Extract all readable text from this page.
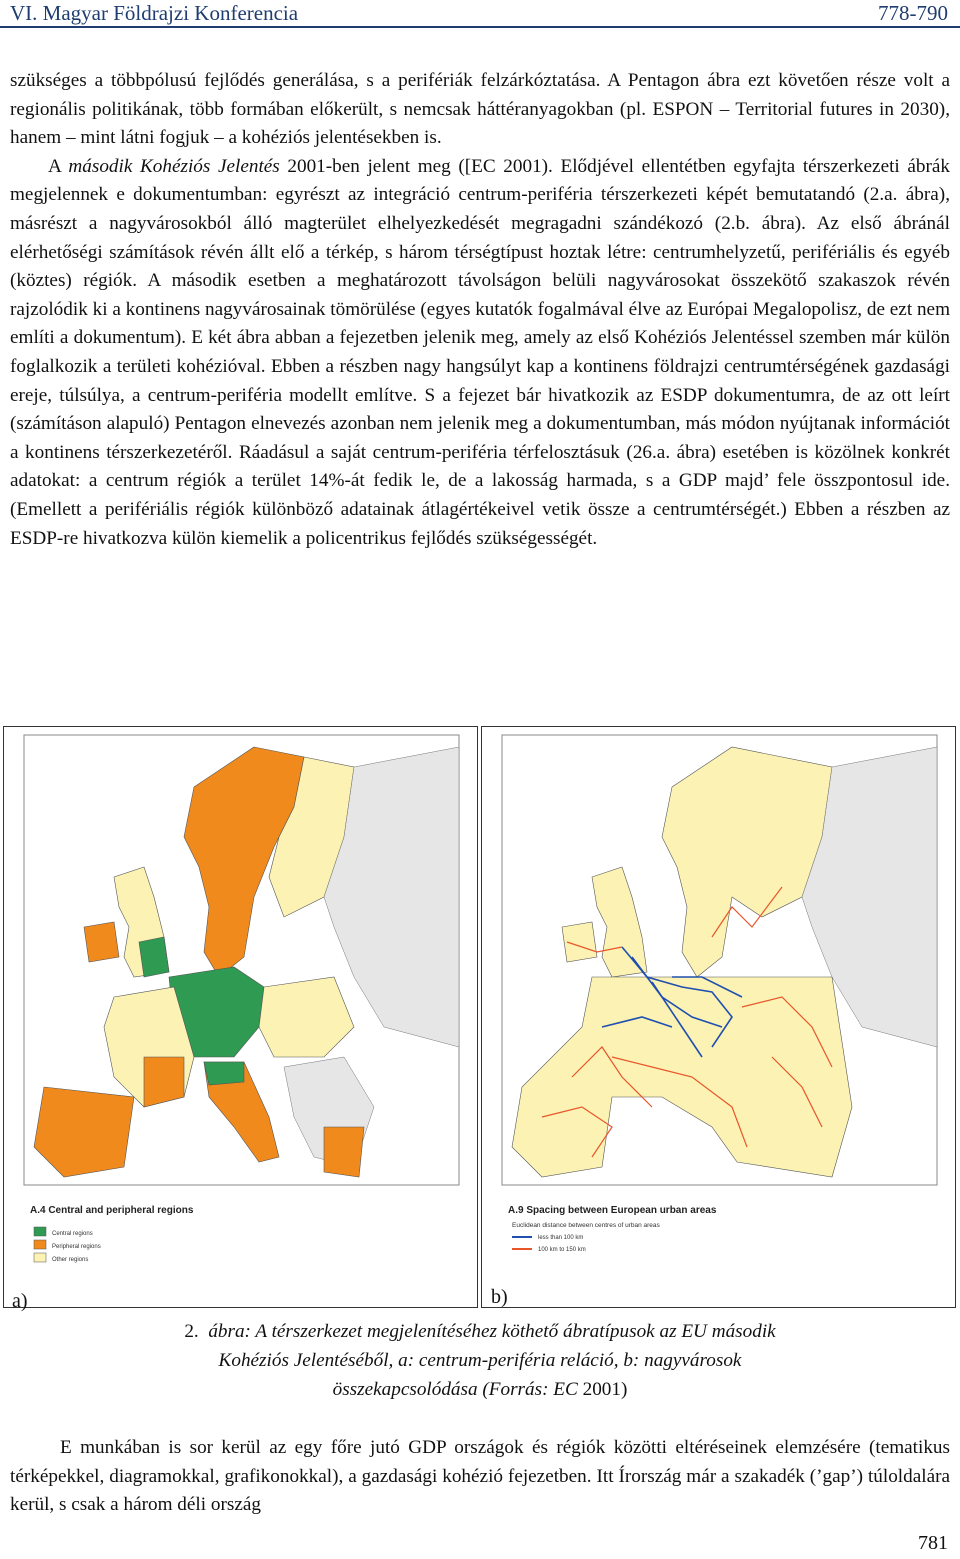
VI. Magyar Földrajzi Konferencia	778-790

szükséges a többpólusú fejlődés generálása, s a perifériák felzárkóztatása. A Pentagon ábra ezt követően része volt a regionális politikának, több formában előkerült, s nemcsak háttéranyagokban (pl. ESPON – Territorial futures in 2030), hanem – mint látni fogjuk – a kohéziós jelentésekben is.

A második Kohéziós Jelentés 2001-ben jelent meg ([EC 2001). Elődjével ellentétben egyfajta térszerkezeti ábrák megjelennek e dokumentumban: egyrészt az integráció centrum-periféria térszerkezeti képét bemutatandó (2.a. ábra), másrészt a nagyvárosokból álló magterület elhelyezkedését megragadni szándékozó (2.b. ábra). Az első ábránál elérhetőségi számítások révén állt elő a térkép, s három térségtípust hoztak létre: centrumhelyzetű, perifériális és egyéb (köztes) régiók. A második esetben a meghatározott távolságon belüli nagyvárosokat összekötő szakaszok révén rajzolódik ki a kontinens nagyvárosainak tömörülése (egyes kutatók fogalmával élve az Európai Megalopolisz, de ezt nem említi a dokumentum). E két ábra abban a fejezetben jelenik meg, amely az első Kohéziós Jelentéssel szemben már külön foglalkozik a területi kohézióval. Ebben a részben nagy hangsúlyt kap a kontinens földrajzi centrumtérségének gazdasági ereje, túlsúlya, a centrum-periféria modellt említve. S a fejezet bár hivatkozik az ESDP dokumentumra, de az ott leírt (számításon alapuló) Pentagon elnevezés azonban nem jelenik meg a dokumentumban, más módon nyújtanak információt a kontinens térszerkezetéről. Ráadásul a saját centrum-periféria térfelosztásuk (26.a. ábra) esetében is közölnek konkrét adatokat: a centrum régiók a terület 14%-át fedik le, de a lakosság harmada, s a GDP majd’ fele összpontosul ide. (Emellett a perifériális régiók különböző adatainak átlagértékeivel vetik össze a centrumtérségét.) Ebben a részben az ESDP-re hivatkozva külön kiemelik a policentrikus fejlődés szükségességét.

A.4 Central and peripheral regions
Central regions
Peripheral regions
Other regions
A.9 Spacing between European urban areas
Euclidean distance between centres of urban areas
less than 100 km
100 km to 150 km
a)	b)
2. ábra: A térszerkezet megjelenítéséhez köthető ábratípusok az EU második
Kohéziós Jelentéséből, a: centrum-periféria reláció, b: nagyvárosok
összekapcsolódása (Forrás: EC 2001)

E munkában is sor kerül az egy főre jutó GDP országok és régiók közötti eltéréseinek elemzésére (tematikus térképekkel, diagramokkal, grafikonokkal), a gazdasági kohézió fejezetben. Itt Írország már a szakadék (’gap’) túloldalára kerül, s csak a három déli ország

781
